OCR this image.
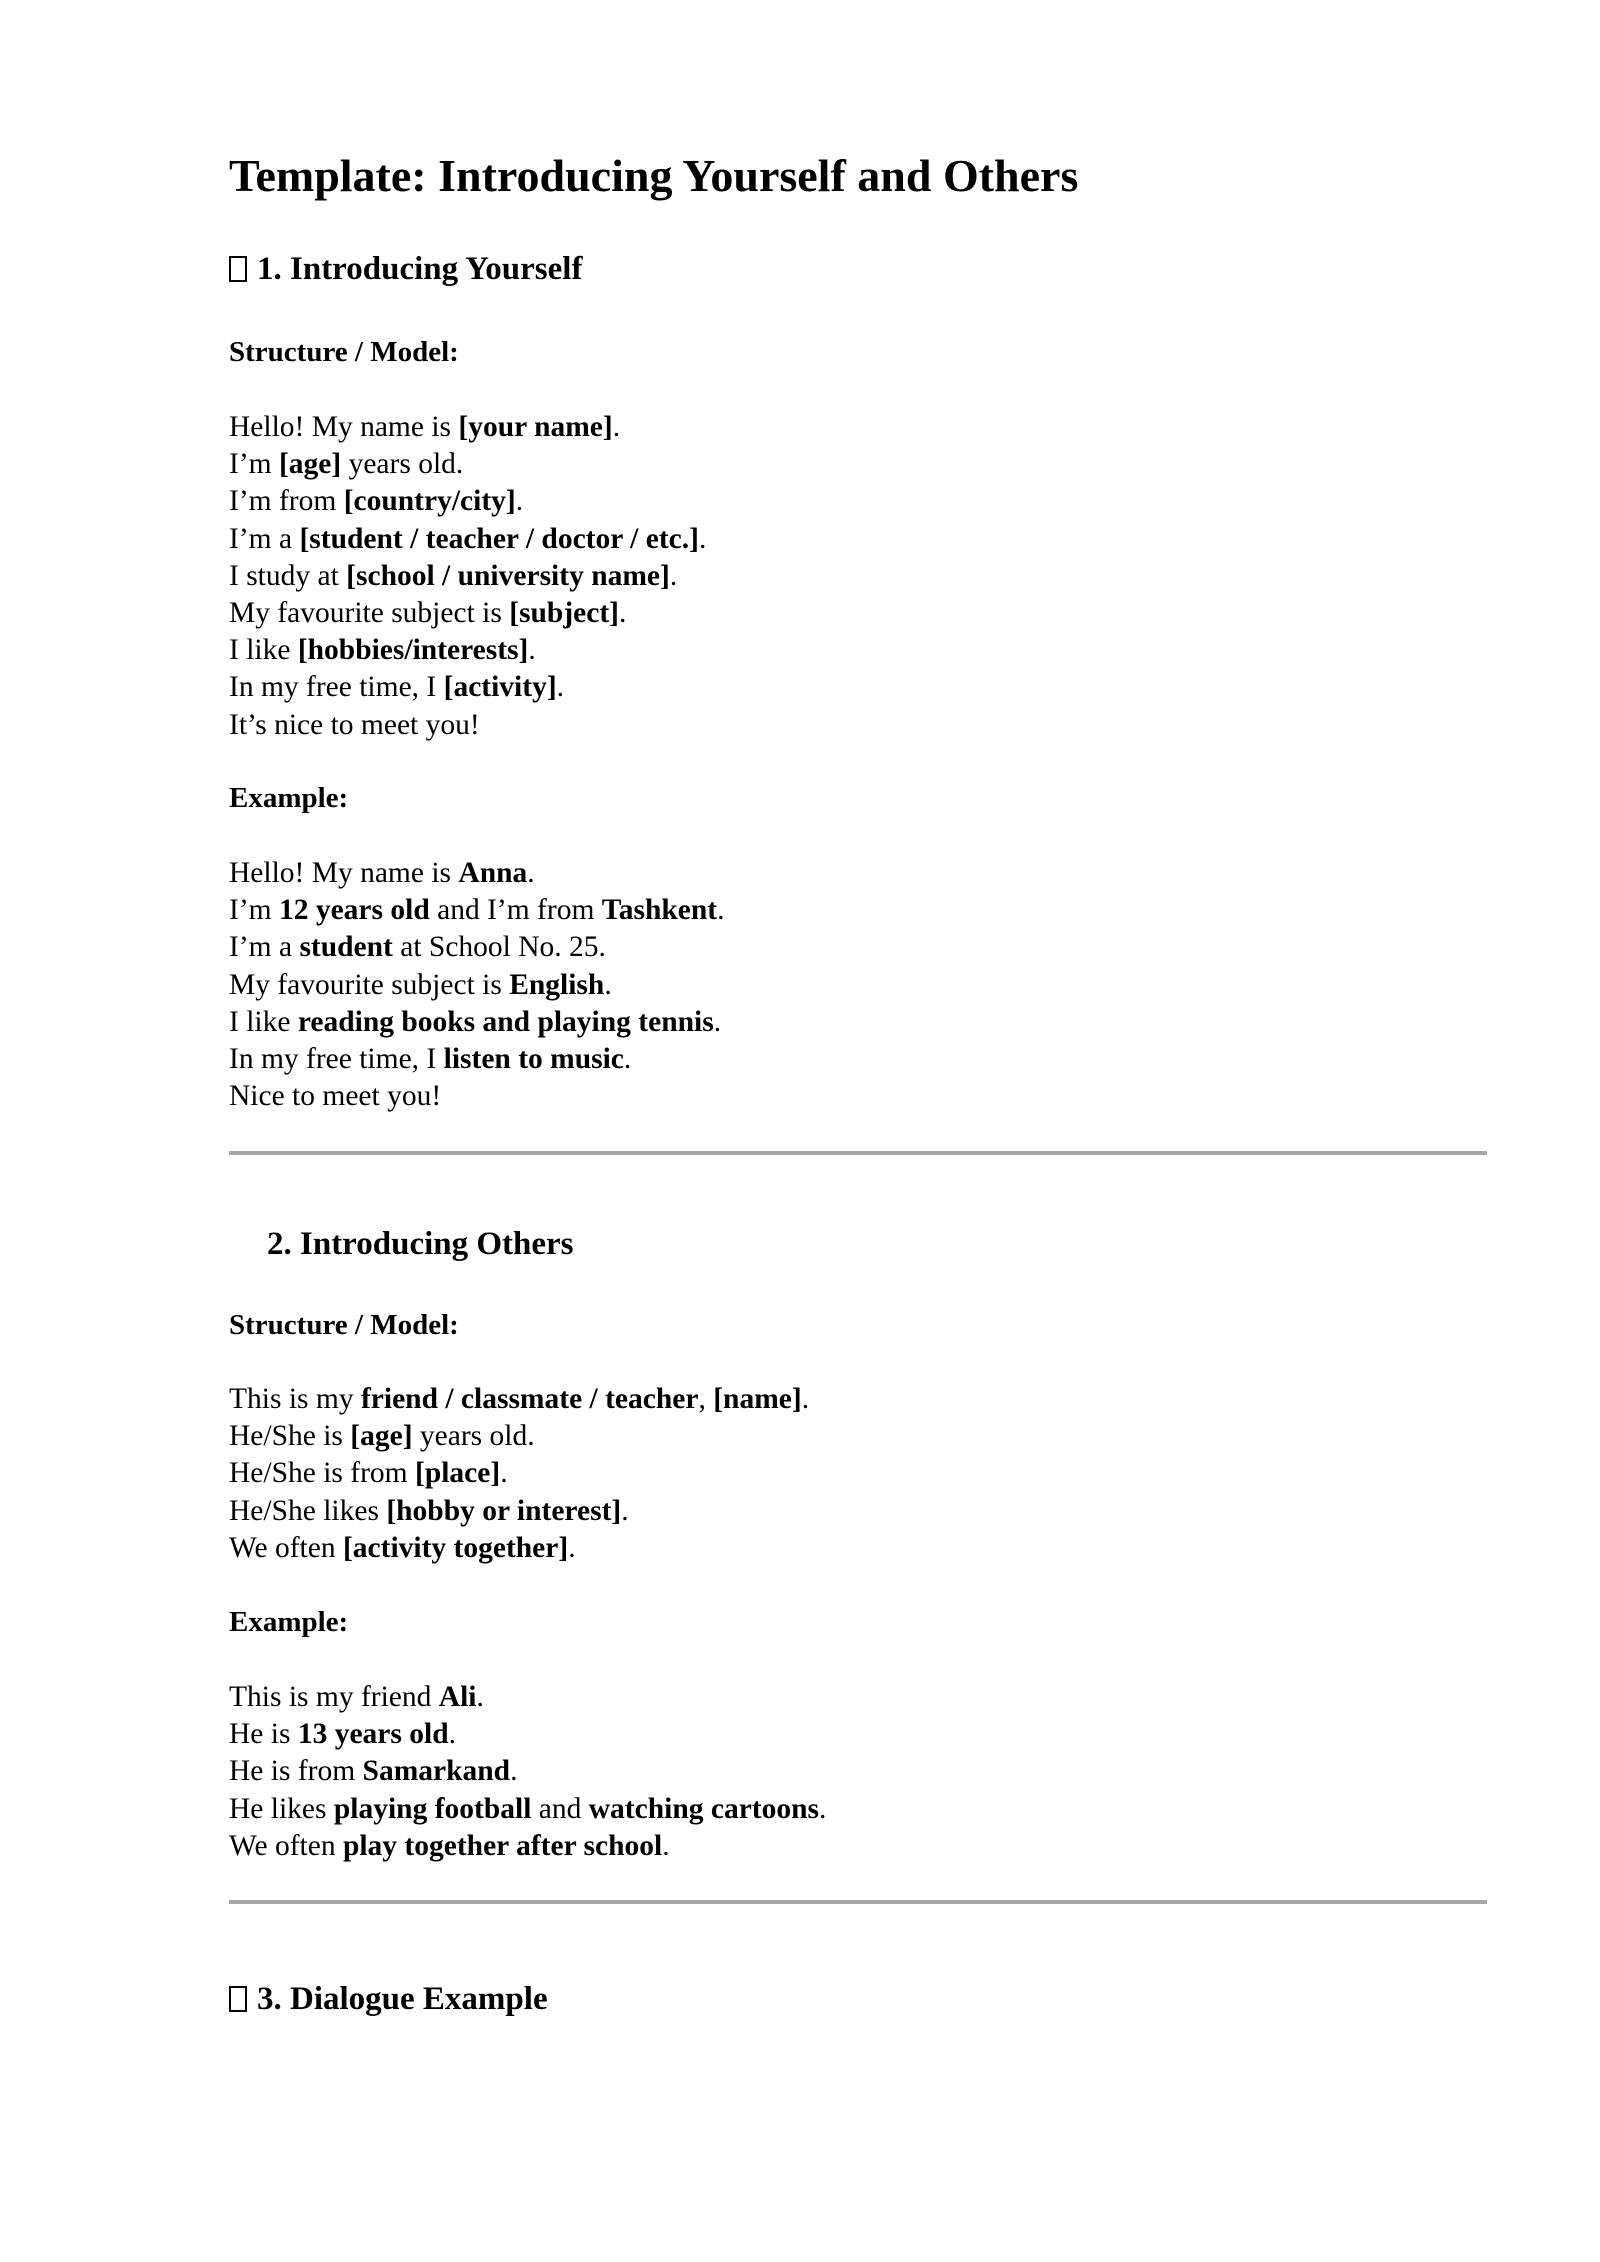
Template: Introducing Yourself and Others
1. Introducing Yourself
Structure / Model:
Hello! My name is [your name].
I’m [age] years old.
I’m from [country/city].
I’m a [student / teacher / doctor / etc.].
I study at [school / university name].
My favourite subject is [subject].
I like [hobbies/interests].
In my free time, I [activity].
It’s nice to meet you!
Example:
Hello! My name is Anna.
I’m 12 years old and I’m from Tashkent.
I’m a student at School No. 25.
My favourite subject is English.
I like reading books and playing tennis.
In my free time, I listen to music.
Nice to meet you!
2. Introducing Others
Structure / Model:
This is my friend / classmate / teacher, [name].
He/She is [age] years old.
He/She is from [place].
He/She likes [hobby or interest].
We often [activity together].
Example:
This is my friend Ali.
He is 13 years old.
He is from Samarkand.
He likes playing football and watching cartoons.
We often play together after school.
3. Dialogue Example
